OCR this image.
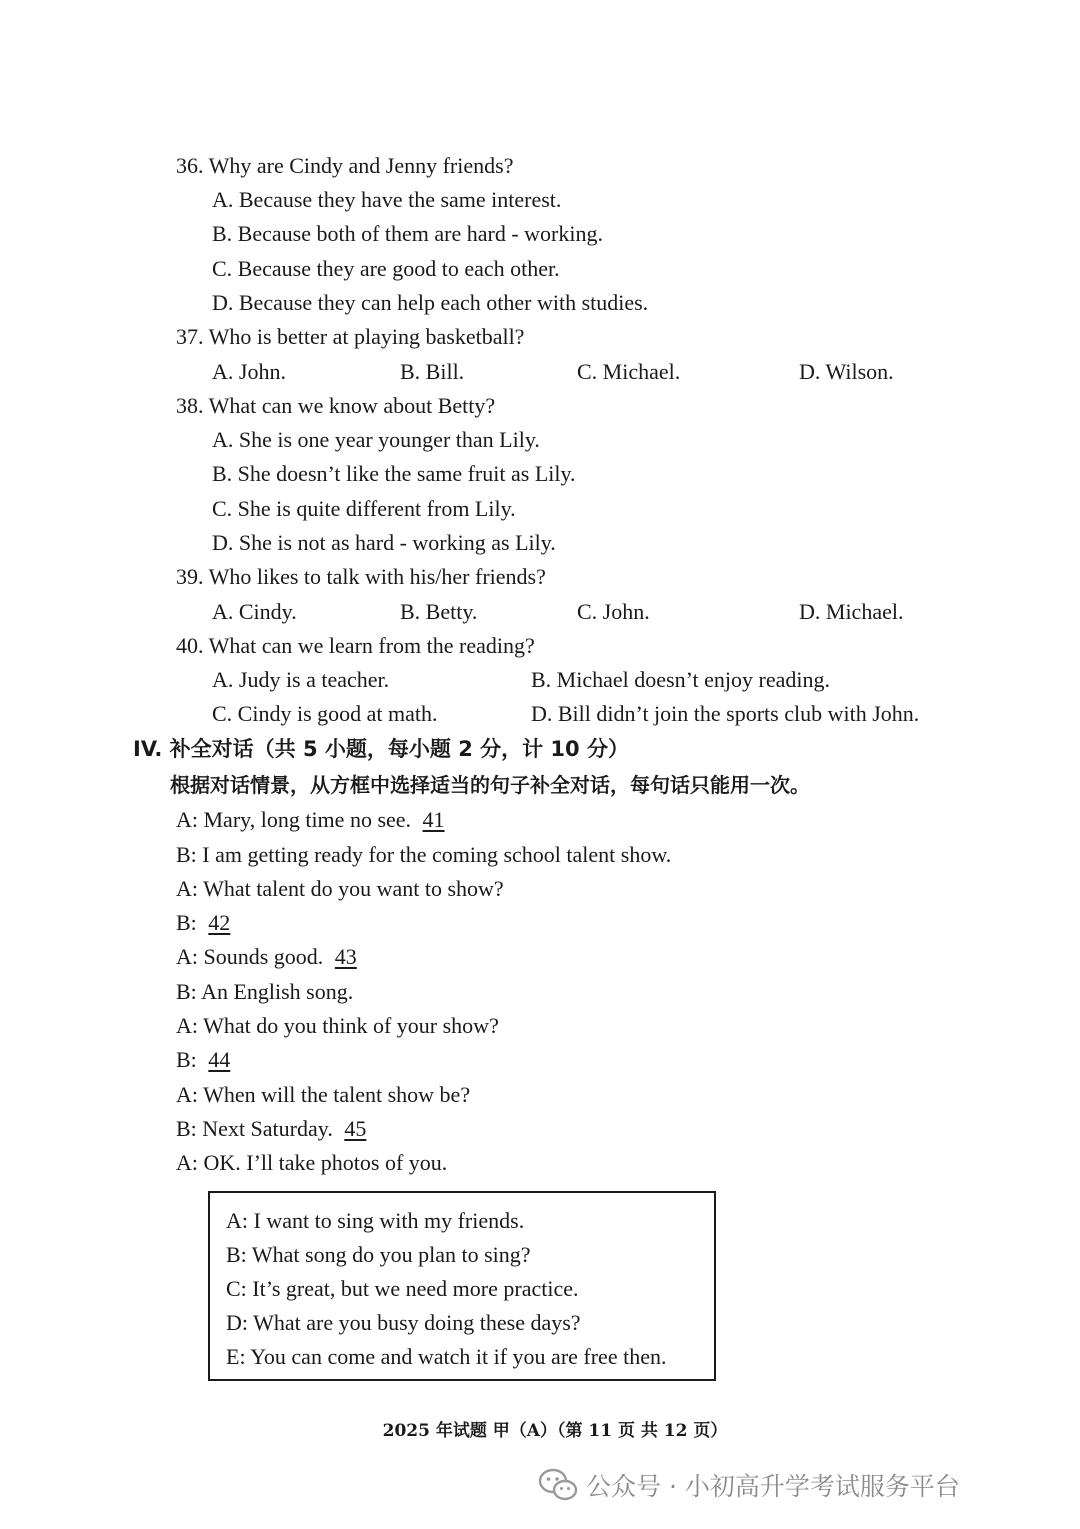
36. Why are Cindy and Jenny friends?
A. Because they have the same interest.
B. Because both of them are hard - working.
C. Because they are good to each other.
D. Because they can help each other with studies.
37. Who is better at playing basketball?
A. John.	B. Bill.	C. Michael.	D. Wilson.
38. What can we know about Betty?
A. She is one year younger than Lily.
B. She doesn’t like the same fruit as Lily.
C. She is quite different from Lily.
D. She is not as hard - working as Lily.
39. Who likes to talk with his/her friends?
A. Cindy.	B. Betty.	C. John.	D. Michael.
40. What can we learn from the reading?
A. Judy is a teacher.	B. Michael doesn’t enjoy reading.
C. Cindy is good at math.	D. Bill didn’t join the sports club with John.
IV. 补全对话（共 5 小题，每小题 2 分，计 10 分）
根据对话情景，从方框中选择适当的句子补全对话，每句话只能用一次。
A: Mary, long time no see. 41
B: I am getting ready for the coming school talent show.
A: What talent do you want to show?
B: 42
A: Sounds good. 43
B: An English song.
A: What do you think of your show?
B: 44
A: When will the talent show be?
B: Next Saturday. 45
A: OK. I’ll take photos of you.
A: I want to sing with my friends.
B: What song do you plan to sing?
C: It’s great, but we need more practice.
D: What are you busy doing these days?
E: You can come and watch it if you are free then.
2025 年试题 甲（A）（第 11 页 共 12 页）
公众号 · 小初高升学考试服务平台
